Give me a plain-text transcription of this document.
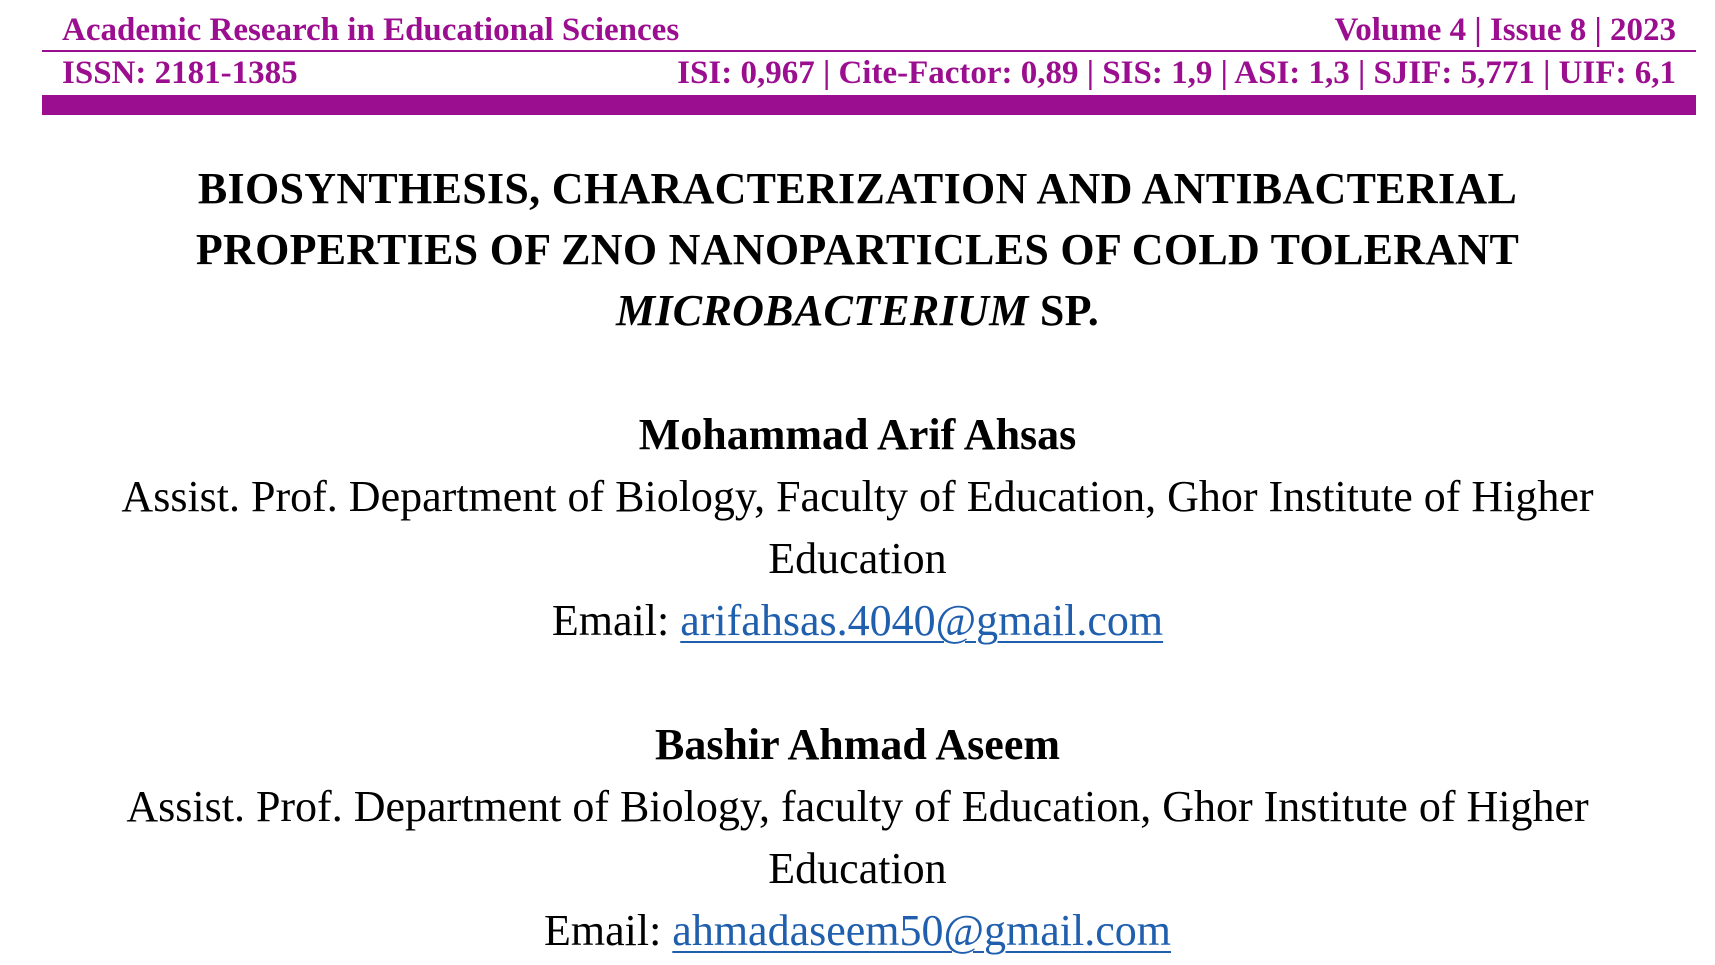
Academic Research in Educational Sciences	Volume 4 | Issue 8 | 2023
ISSN: 2181-1385	ISI: 0,967 | Cite-Factor: 0,89 | SIS: 1,9 | ASI: 1,3 | SJIF: 5,771 | UIF: 6,1
BIOSYNTHESIS, CHARACTERIZATION AND ANTIBACTERIAL
PROPERTIES OF ZNO NANOPARTICLES OF COLD TOLERANT
MICROBACTERIUM SP.
Mohammad Arif Ahsas
Assist. Prof. Department of Biology, Faculty of Education, Ghor Institute of Higher Education
Email: arifahsas.4040@gmail.com
Bashir Ahmad Aseem
Assist. Prof. Department of Biology, faculty of Education, Ghor Institute of Higher Education
Email: ahmadaseem50@gmail.com
